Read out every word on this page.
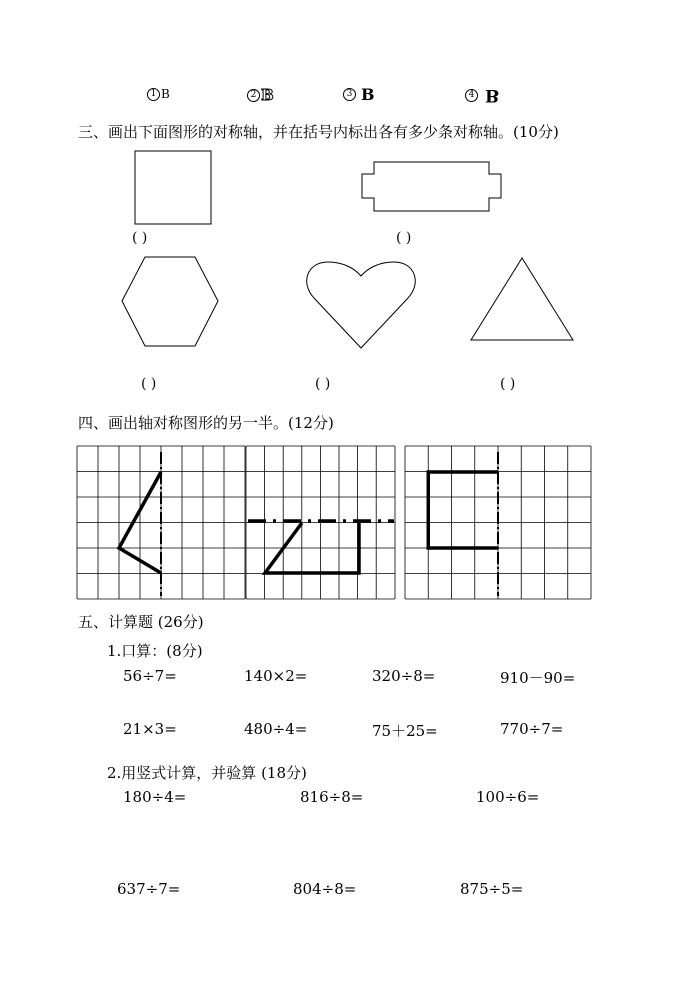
1 B	2 B	3 B	4 B
三、画出下面图形的对称轴，并在括号内标出各有多少条对称轴。(10分)
( )	( )
( )	( )	( )
四、画出轴对称图形的另一半。(12分)
五、计算题 (26分)
1.口算：(8分)
56÷7=	140×2=	320÷8=	910－90=
21×3=	480÷4=	75＋25=	770÷7=
2.用竖式计算，并验算 (18分)
180÷4=	816÷8=	100÷6=
637÷7=	804÷8=	875÷5=
